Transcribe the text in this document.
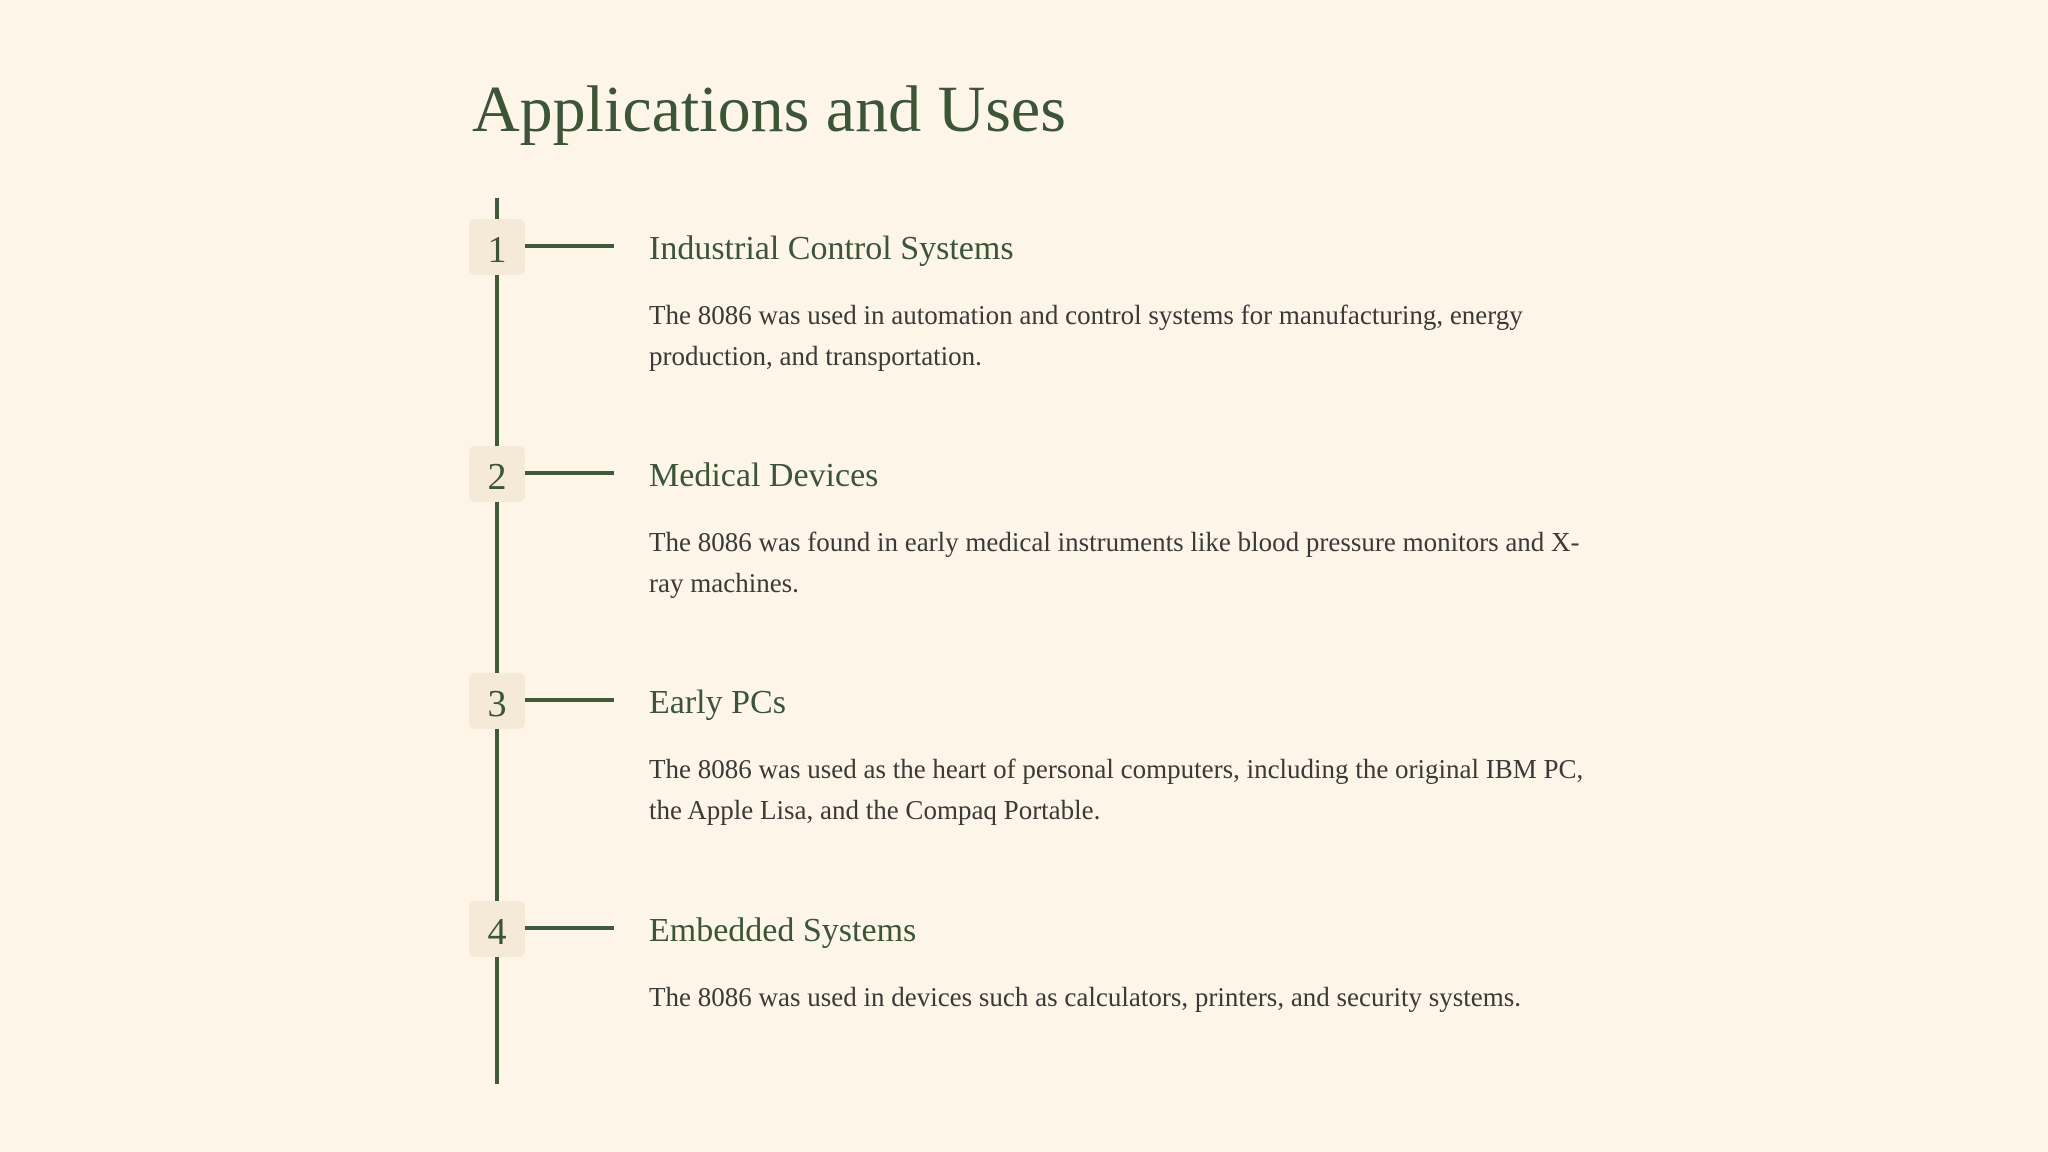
Applications and Uses
1	Industrial Control Systems

The 8086 was used in automation and control systems for manufacturing, energy production, and transportation.

2	Medical Devices

The 8086 was found in early medical instruments like blood pressure monitors and X-ray machines.

3	Early PCs

The 8086 was used as the heart of personal computers, including the original IBM PC, the Apple Lisa, and the Compaq Portable.

4	Embedded Systems

The 8086 was used in devices such as calculators, printers, and security systems.
